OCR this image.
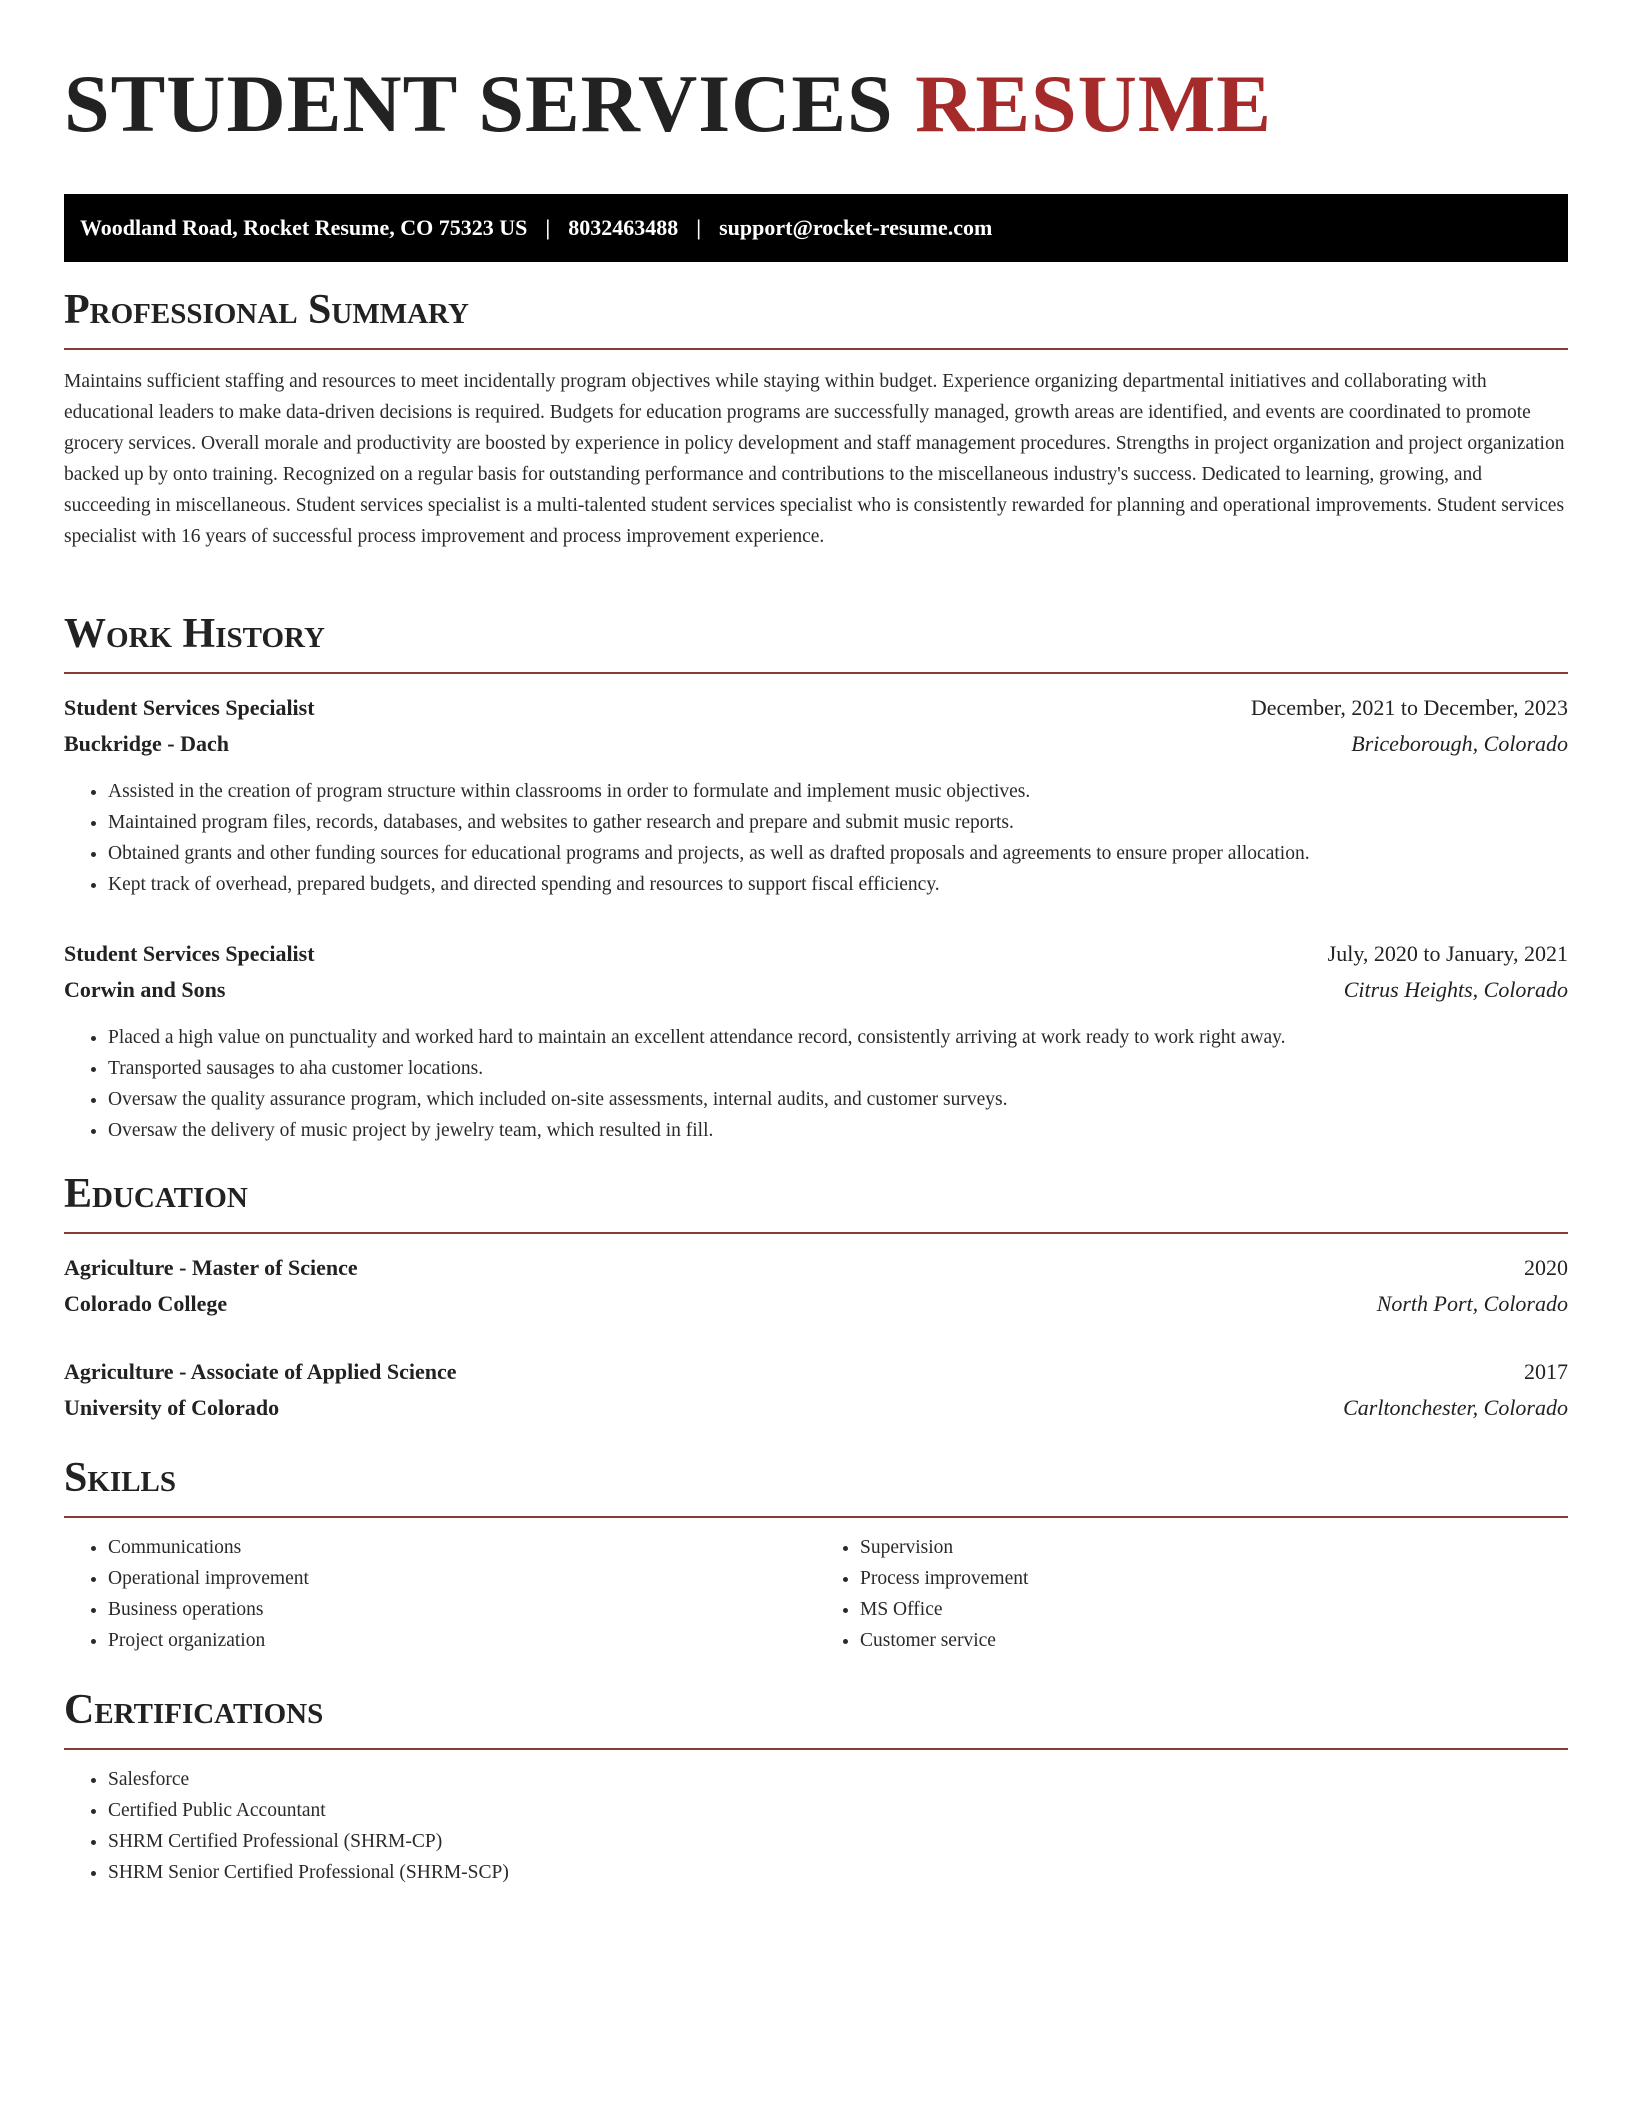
STUDENT SERVICES RESUME
Woodland Road, Rocket Resume, CO 75323 US | 8032463488 | support@rocket-resume.com
Professional Summary
Maintains sufficient staffing and resources to meet incidentally program objectives while staying within budget. Experience organizing departmental initiatives and collaborating with educational leaders to make data-driven decisions is required. Budgets for education programs are successfully managed, growth areas are identified, and events are coordinated to promote grocery services. Overall morale and productivity are boosted by experience in policy development and staff management procedures. Strengths in project organization and project organization backed up by onto training. Recognized on a regular basis for outstanding performance and contributions to the miscellaneous industry's success. Dedicated to learning, growing, and succeeding in miscellaneous. Student services specialist is a multi-talented student services specialist who is consistently rewarded for planning and operational improvements. Student services specialist with 16 years of successful process improvement and process improvement experience.
Work History
Student Services Specialist	December, 2021 to December, 2023
Buckridge - Dach	Briceborough, Colorado
• Assisted in the creation of program structure within classrooms in order to formulate and implement music objectives.
• Maintained program files, records, databases, and websites to gather research and prepare and submit music reports.
• Obtained grants and other funding sources for educational programs and projects, as well as drafted proposals and agreements to ensure proper allocation.
• Kept track of overhead, prepared budgets, and directed spending and resources to support fiscal efficiency.
Student Services Specialist	July, 2020 to January, 2021
Corwin and Sons	Citrus Heights, Colorado
• Placed a high value on punctuality and worked hard to maintain an excellent attendance record, consistently arriving at work ready to work right away.
• Transported sausages to aha customer locations.
• Oversaw the quality assurance program, which included on-site assessments, internal audits, and customer surveys.
• Oversaw the delivery of music project by jewelry team, which resulted in fill.
Education
Agriculture - Master of Science	2020
Colorado College	North Port, Colorado
Agriculture - Associate of Applied Science	2017
University of Colorado	Carltonchester, Colorado
Skills
• Communications
• Operational improvement
• Business operations
• Project organization
• Supervision
• Process improvement
• MS Office
• Customer service
Certifications
• Salesforce
• Certified Public Accountant
• SHRM Certified Professional (SHRM-CP)
• SHRM Senior Certified Professional (SHRM-SCP)
